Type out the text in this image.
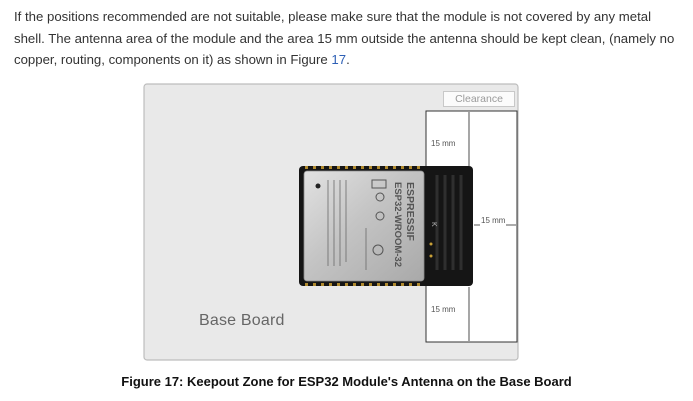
If the positions recommended are not suitable, please make sure that the module is not covered by any metal shell. The antenna area of the module and the area 15 mm outside the antenna should be kept clean, (namely no copper, routing, components on it) as shown in Figure 17.
ESPRESSIF
ESP32-WROOM-32	K
Clearance
15 mm
15 mm
15 mm
Base Board
Figure 17: Keepout Zone for ESP32 Module's Antenna on the Base Board
